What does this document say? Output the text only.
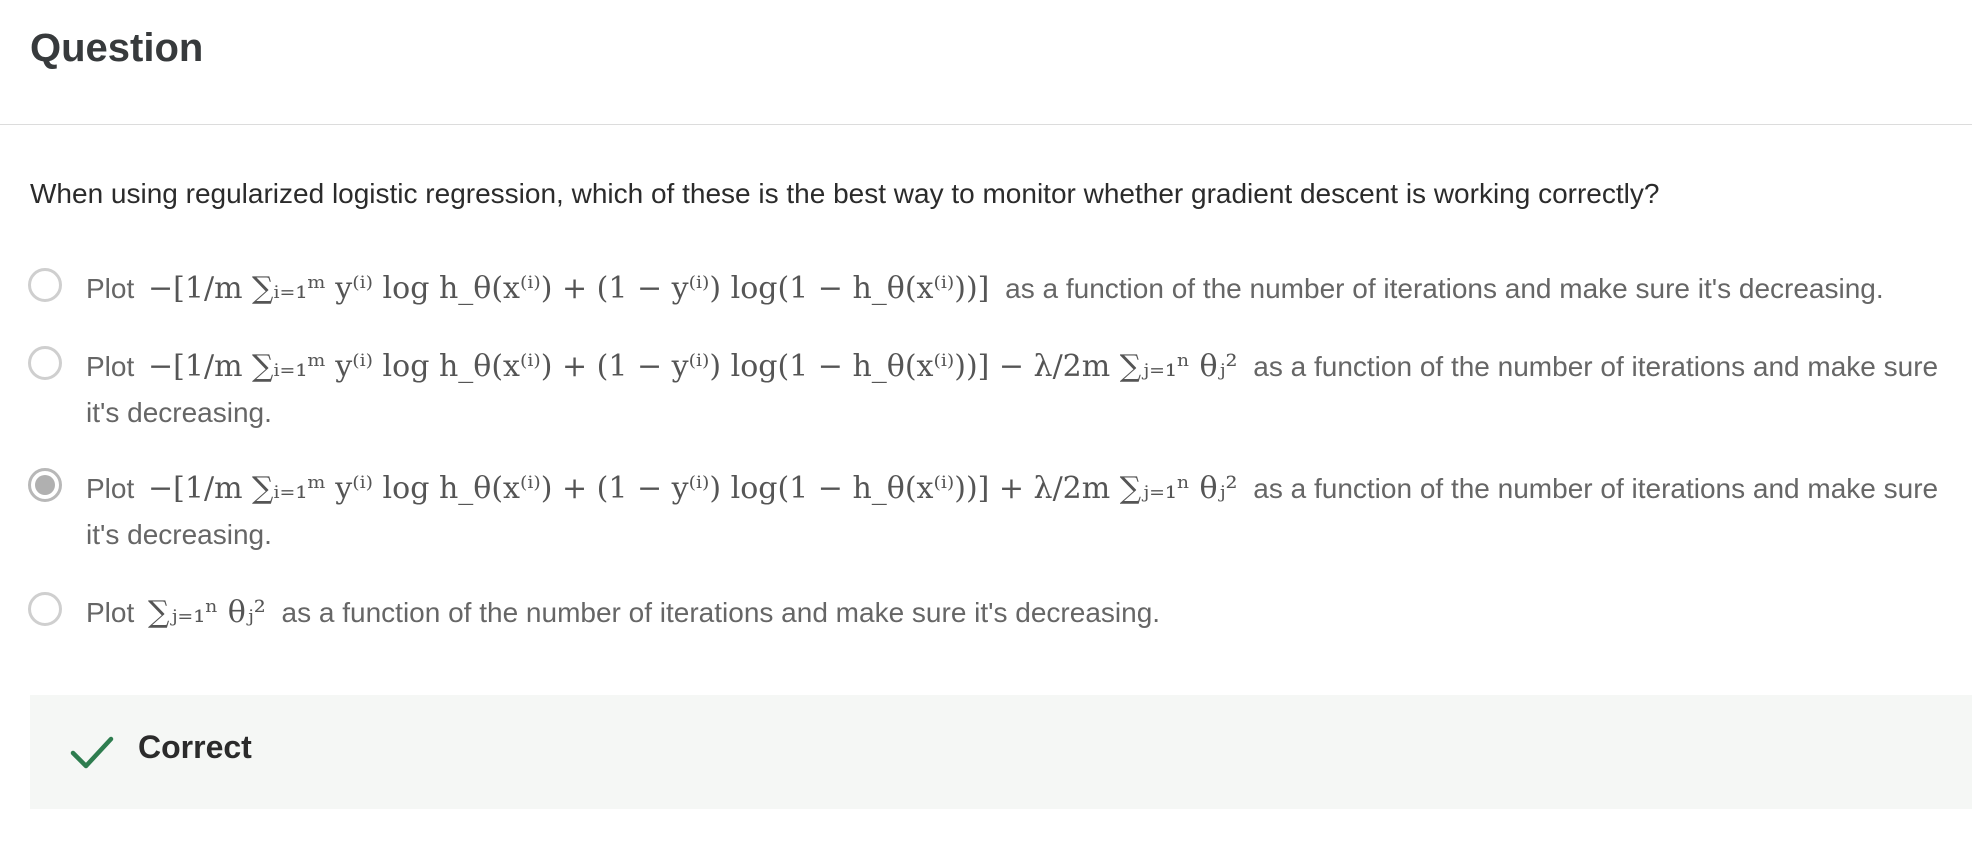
Question
When using regularized logistic regression, which of these is the best way to monitor whether gradient descent is working correctly?
Plot −[1/m ∑ᵢ₌₁ᵐ y⁽ⁱ⁾ log h_θ(x⁽ⁱ⁾) + (1 − y⁽ⁱ⁾) log(1 − h_θ(x⁽ⁱ⁾))] as a function of the number of iterations and make sure it's decreasing.
Plot −[1/m ∑ᵢ₌₁ᵐ y⁽ⁱ⁾ log h_θ(x⁽ⁱ⁾) + (1 − y⁽ⁱ⁾) log(1 − h_θ(x⁽ⁱ⁾))] − λ/2m ∑ⱼ₌₁ⁿ θⱼ² as a function of the number of iterations and make sure it's decreasing.
Plot −[1/m ∑ᵢ₌₁ᵐ y⁽ⁱ⁾ log h_θ(x⁽ⁱ⁾) + (1 − y⁽ⁱ⁾) log(1 − h_θ(x⁽ⁱ⁾))] + λ/2m ∑ⱼ₌₁ⁿ θⱼ² as a function of the number of iterations and make sure it's decreasing.
Plot ∑ⱼ₌₁ⁿ θⱼ² as a function of the number of iterations and make sure it's decreasing.
Correct
